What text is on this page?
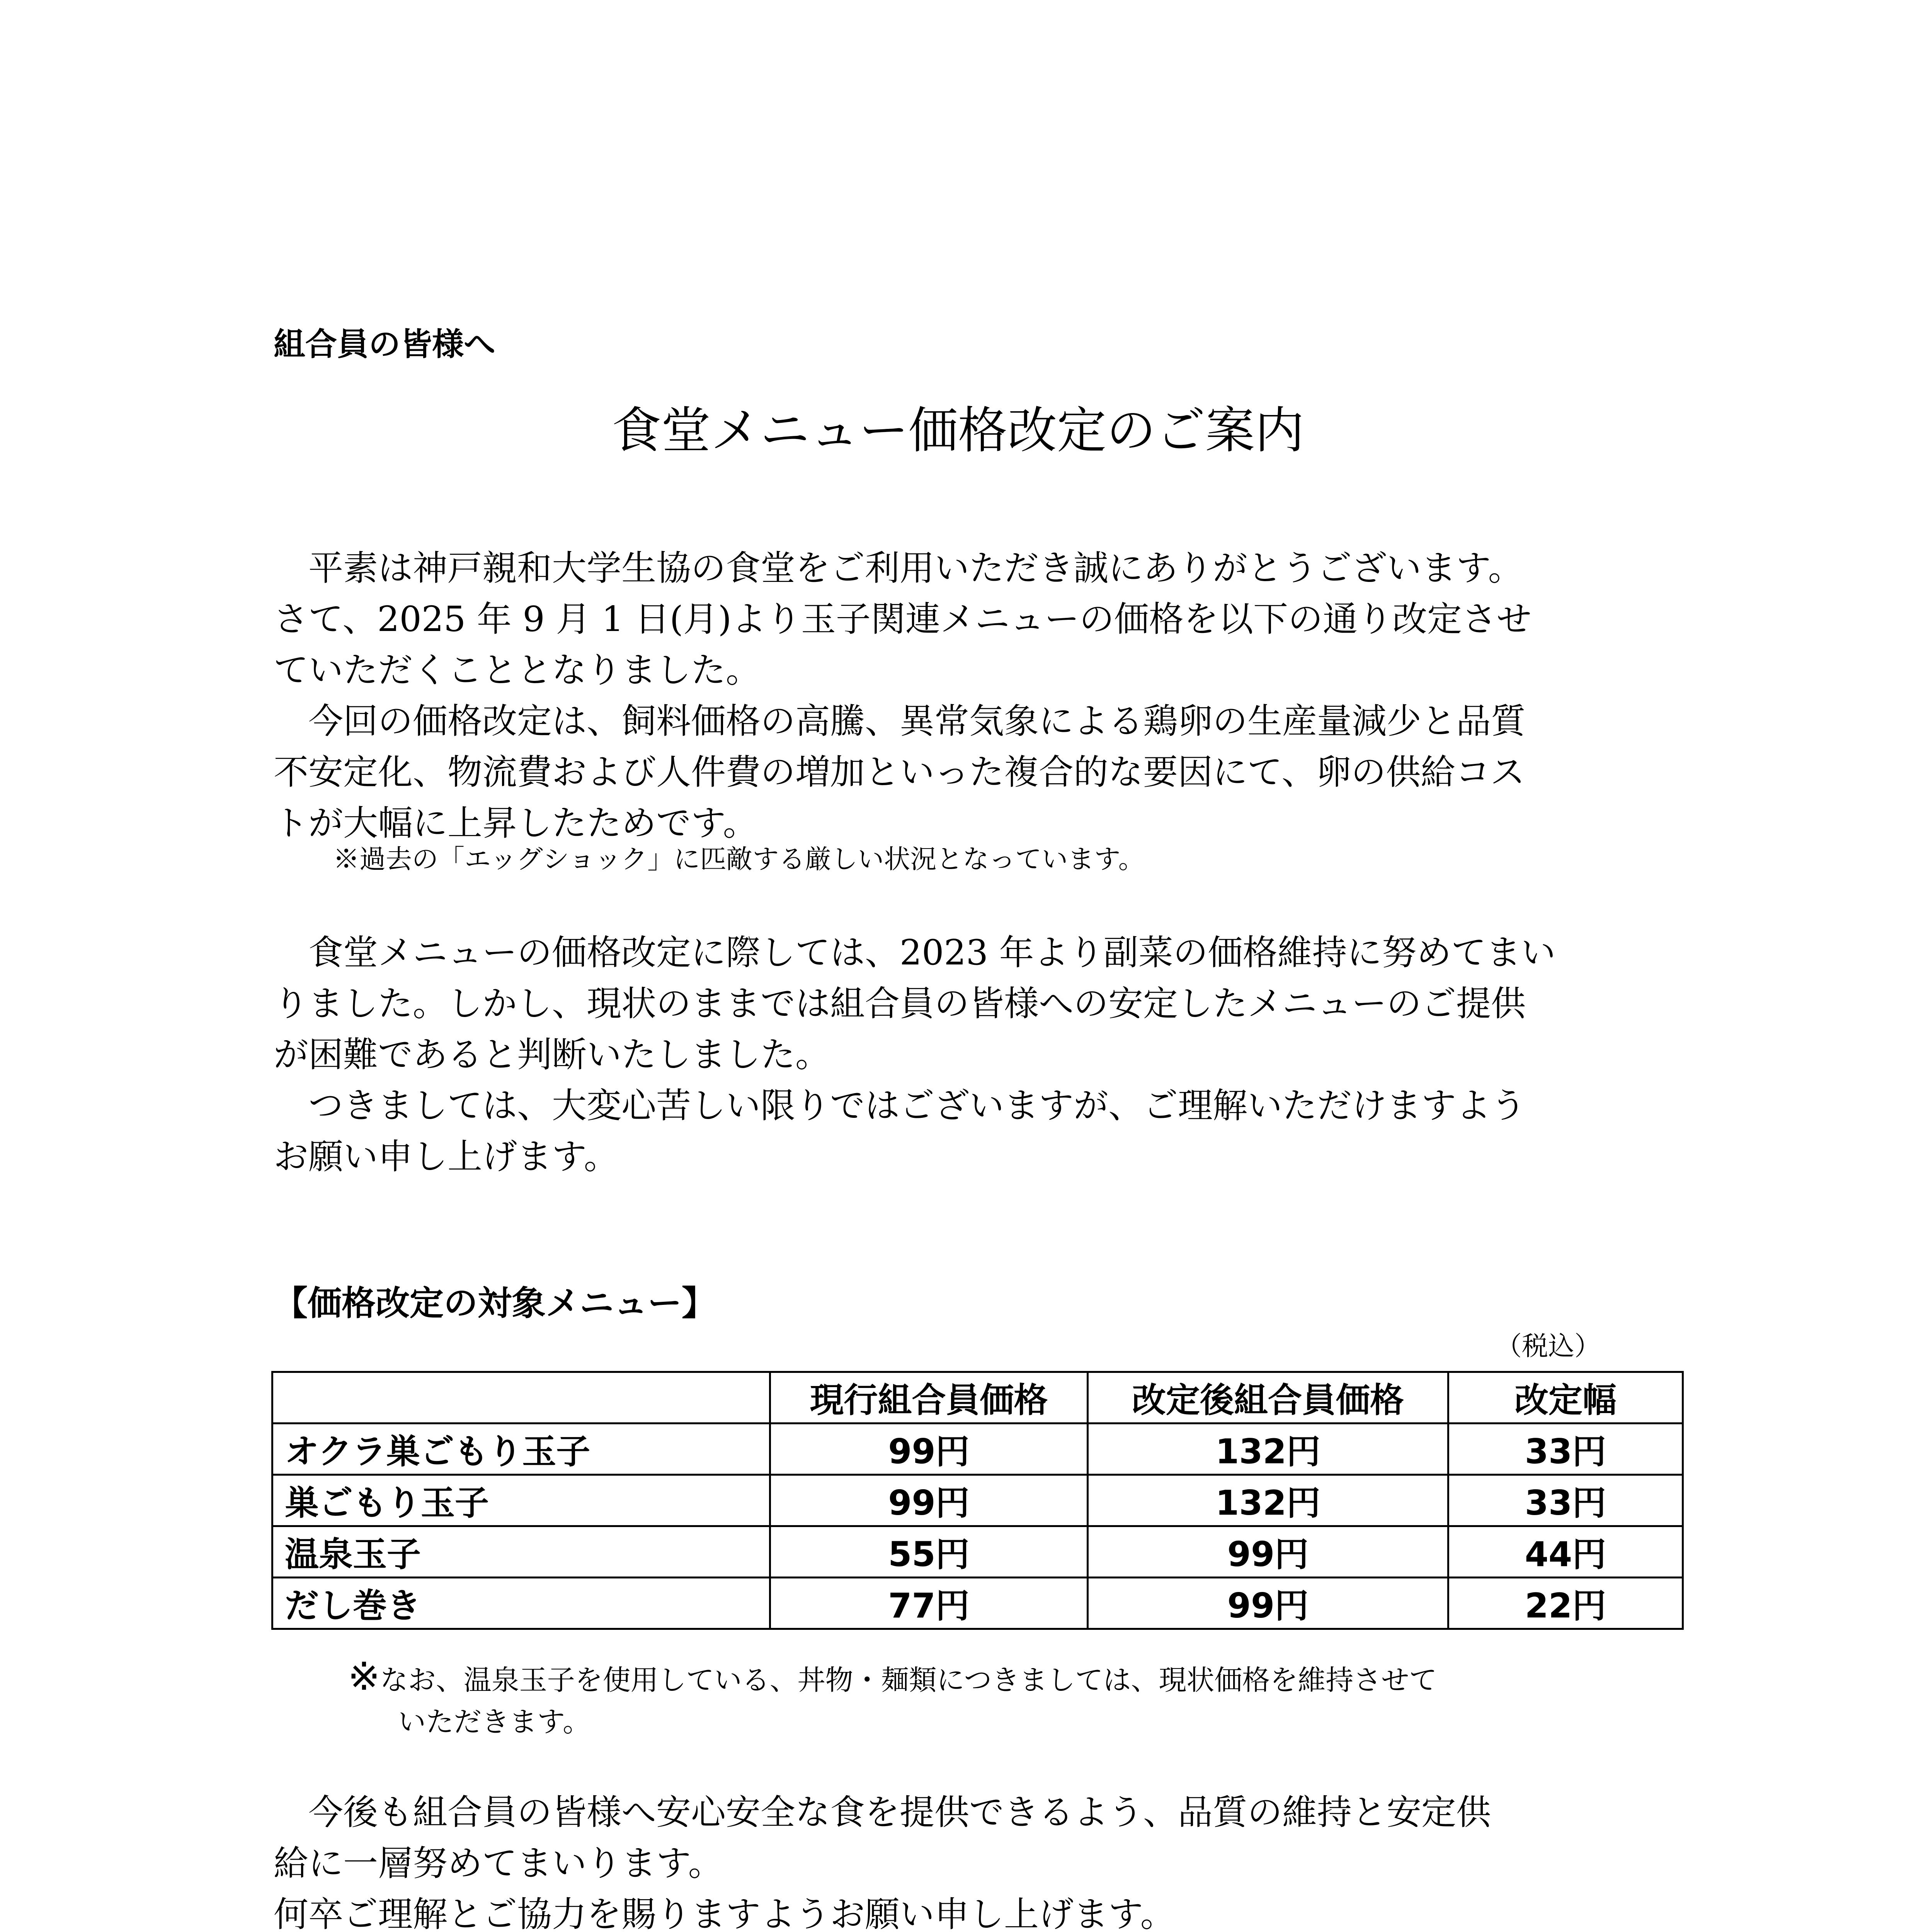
組合員の皆様へ
食堂メニュー価格改定のご案内
　平素は神戸親和大学生協の食堂をご利用いただき誠にありがとうございます。
さて、2025 年 9 月 1 日(月)より玉子関連メニューの価格を以下の通り改定させ
ていただくこととなりました。
　今回の価格改定は、飼料価格の高騰、異常気象による鶏卵の生産量減少と品質
不安定化、物流費および人件費の増加といった複合的な要因にて、卵の供給コス
トが大幅に上昇したためです。
※過去の「エッグショック」に匹敵する厳しい状況となっています。
　食堂メニューの価格改定に際しては、2023 年より副菜の価格維持に努めてまい
りました。しかし、現状のままでは組合員の皆様への安定したメニューのご提供
が困難であると判断いたしました。
　つきましては、大変心苦しい限りではございますが、ご理解いただけますよう
お願い申し上げます。
【価格改定の対象メニュー】
（税込）
	現行組合員価格	改定後組合員価格	改定幅
オクラ巣ごもり玉子	99円	132円	33円
巣ごもり玉子	99円	132円	33円
温泉玉子	55円	99円	44円
だし巻き	77円	99円	22円
※なお、温泉玉子を使用している、丼物・麺類につきましては、現状価格を維持させて
いただきます。
　今後も組合員の皆様へ安心安全な食を提供できるよう、品質の維持と安定供
給に一層努めてまいります。
何卒ご理解とご協力を賜りますようお願い申し上げます。
